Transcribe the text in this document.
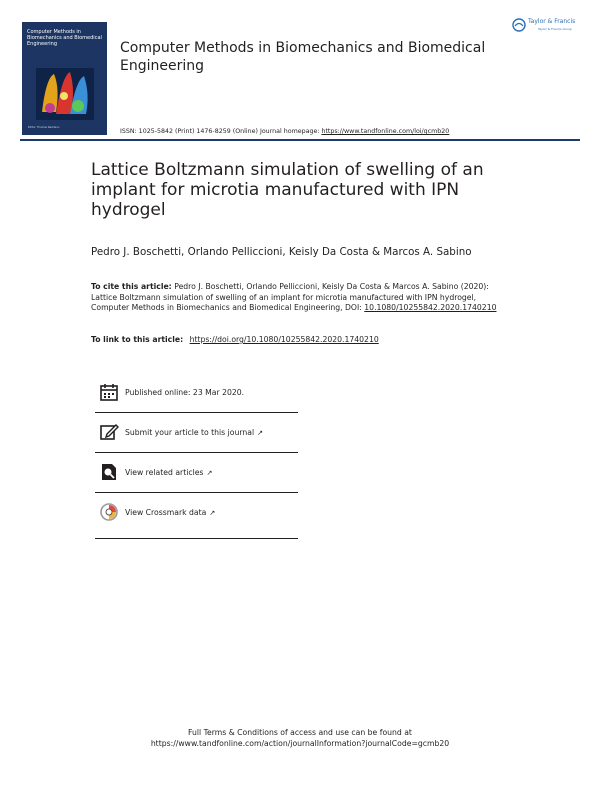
Computer Methods in Biomechanics and Biomedical Engineering
Editor: Thomas Davidson
Computer Methods in Biomechanics and Biomedical Engineering
Taylor & Francis
Taylor & Francis Group
ISSN: 1025-5842 (Print) 1476-8259 (Online) Journal homepage: https://www.tandfonline.com/loi/gcmb20
Lattice Boltzmann simulation of swelling of an implant for microtia manufactured with IPN hydrogel
Pedro J. Boschetti, Orlando Pelliccioni, Keisly Da Costa & Marcos A. Sabino
To cite this article: Pedro J. Boschetti, Orlando Pelliccioni, Keisly Da Costa & Marcos A. Sabino (2020): Lattice Boltzmann simulation of swelling of an implant for microtia manufactured with IPN hydrogel, Computer Methods in Biomechanics and Biomedical Engineering, DOI: 10.1080/10255842.2020.1740210
To link to this article: https://doi.org/10.1080/10255842.2020.1740210
Published online: 23 Mar 2020.
Submit your article to this journal ↗
View related articles ↗
View Crossmark data ↗
Full Terms & Conditions of access and use can be found at
https://www.tandfonline.com/action/journalInformation?journalCode=gcmb20
